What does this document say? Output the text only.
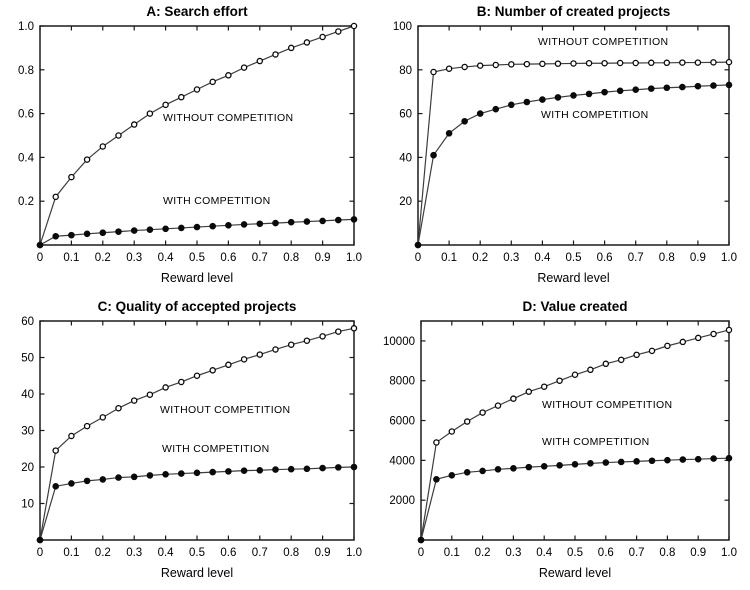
A: Search effort
0 0.1 0.2 0.3 0.4 0.5 0.6 0.7 0.8 0.9 1.0
0.2
0.4
0.6
0.8
1.0
Reward level
WITHOUT COMPETITION
WITH COMPETITION
B: Number of created projects
0 0.1 0.2 0.3 0.4 0.5 0.6 0.7 0.8 0.9 1.0
20
40
60
80
100
Reward level
WITHOUT COMPETITION
WITH COMPETITION
C: Quality of accepted projects
0 0.1 0.2 0.3 0.4 0.5 0.6 0.7 0.8 0.9 1.0
10
20
30
40
50
60
Reward level
WITHOUT COMPETITION
WITH COMPETITION
D: Value created
0 0.1 0.2 0.3 0.4 0.5 0.6 0.7 0.8 0.9 1.0
2000
4000
6000
8000
10000
Reward level
WITHOUT COMPETITION
WITH COMPETITION
